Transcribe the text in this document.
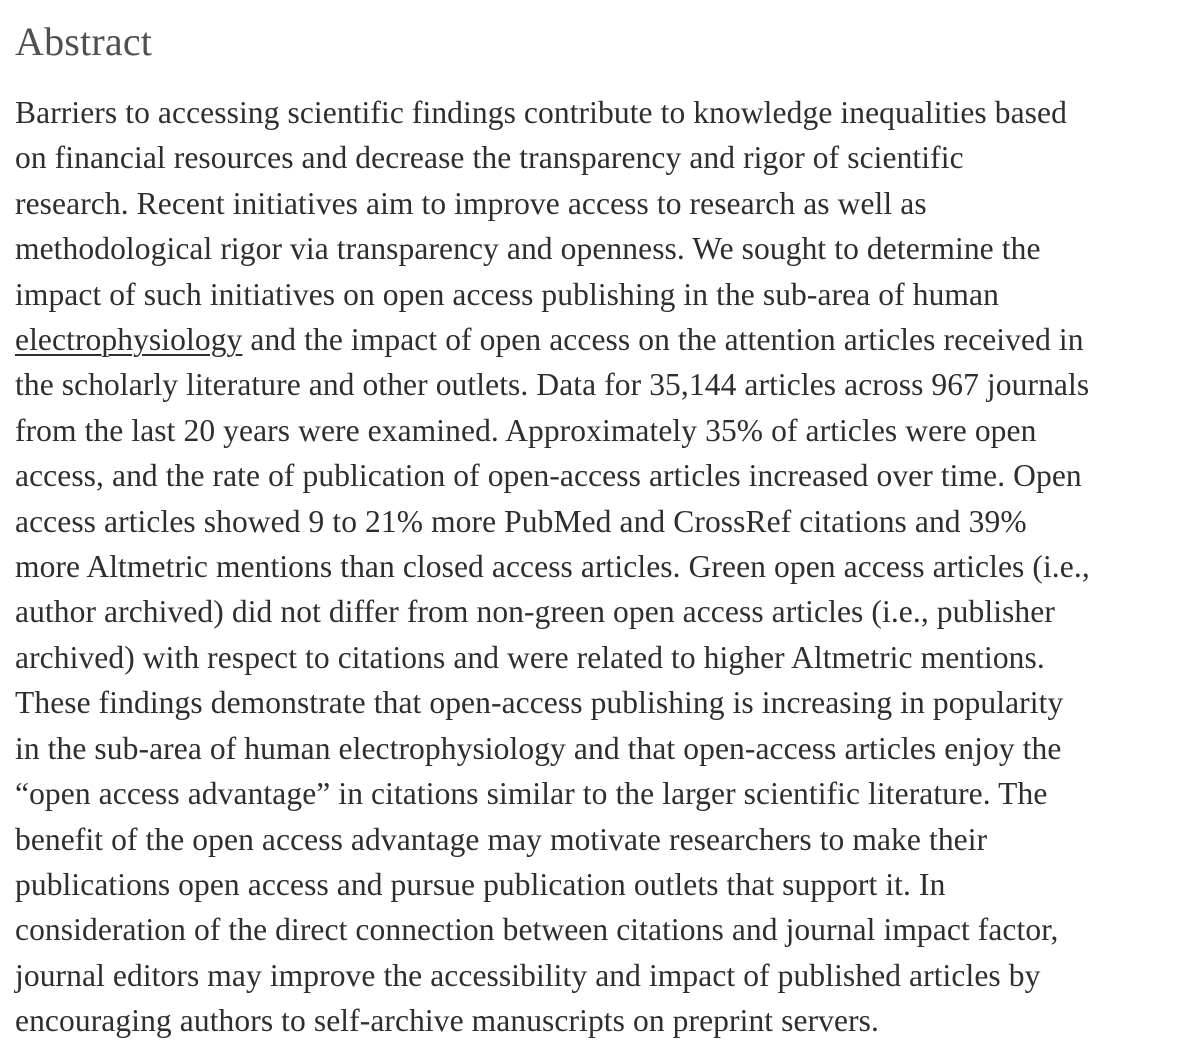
Abstract

Barriers to accessing scientific findings contribute to knowledge inequalities based
on financial resources and decrease the transparency and rigor of scientific
research. Recent initiatives aim to improve access to research as well as
methodological rigor via transparency and openness. We sought to determine the
impact of such initiatives on open access publishing in the sub-area of human
electrophysiology and the impact of open access on the attention articles received in
the scholarly literature and other outlets. Data for 35,144 articles across 967 journals
from the last 20 years were examined. Approximately 35% of articles were open
access, and the rate of publication of open-access articles increased over time. Open
access articles showed 9 to 21% more PubMed and CrossRef citations and 39%
more Altmetric mentions than closed access articles. Green open access articles (i.e.,
author archived) did not differ from non-green open access articles (i.e., publisher
archived) with respect to citations and were related to higher Altmetric mentions.
These findings demonstrate that open-access publishing is increasing in popularity
in the sub-area of human electrophysiology and that open-access articles enjoy the
“open access advantage” in citations similar to the larger scientific literature. The
benefit of the open access advantage may motivate researchers to make their
publications open access and pursue publication outlets that support it. In
consideration of the direct connection between citations and journal impact factor,
journal editors may improve the accessibility and impact of published articles by
encouraging authors to self-archive manuscripts on preprint servers.
